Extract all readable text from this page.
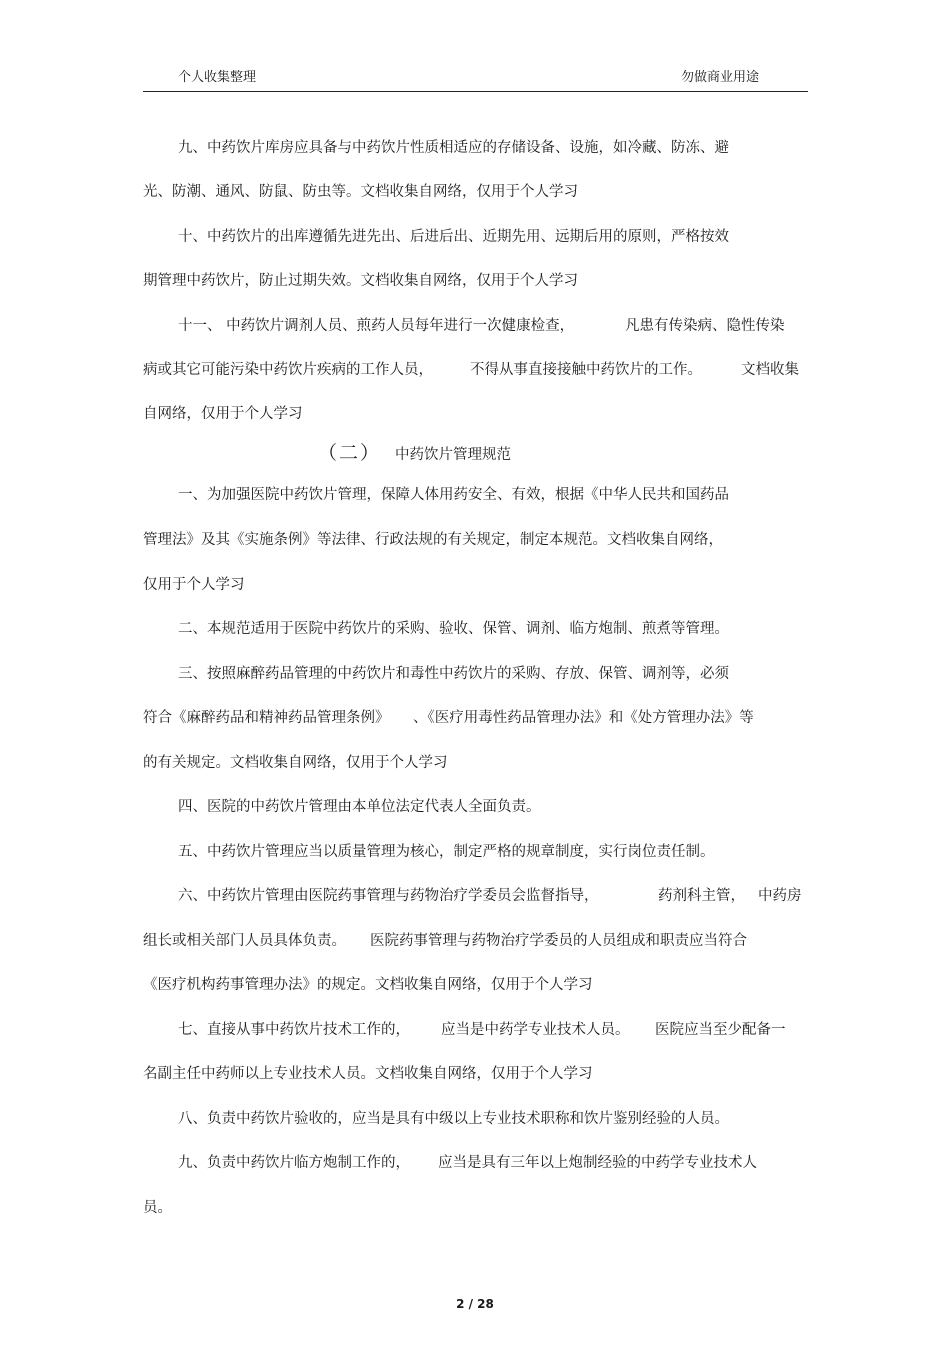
个人收集整理	勿做商业用途
九、中药饮片库房应具备与中药饮片性质相适应的存储设备、设施，如冷藏、防冻、避
光、防潮、通风、防鼠、防虫等。文档收集自网络，仅用于个人学习
十、中药饮片的出库遵循先进先出、后进后出、近期先用、远期后用的原则，严格按效
期管理中药饮片，防止过期失效。文档收集自网络，仅用于个人学习
十一、 中药饮片调剂人员、煎药人员每年进行一次健康检查，	凡患有传染病、隐性传染
病或其它可能污染中药饮片疾病的工作人员，	不得从事直接接触中药饮片的工作。	文档收集
自网络，仅用于个人学习
（二） 中药饮片管理规范
一、为加强医院中药饮片管理，保障人体用药安全、有效，根据《中华人民共和国药品
管理法》及其《实施条例》等法律、行政法规的有关规定，制定本规范。文档收集自网络，
仅用于个人学习
二、本规范适用于医院中药饮片的采购、验收、保管、调剂、临方炮制、煎煮等管理。
三、按照麻醉药品管理的中药饮片和毒性中药饮片的采购、存放、保管、调剂等，必须
符合《麻醉药品和精神药品管理条例》 、《医疗用毒性药品管理办法》和《处方管理办法》等
的有关规定。文档收集自网络，仅用于个人学习
四、医院的中药饮片管理由本单位法定代表人全面负责。
五、中药饮片管理应当以质量管理为核心，制定严格的规章制度，实行岗位责任制。
六、中药饮片管理由医院药事管理与药物治疗学委员会监督指导，	药剂科主管， 中药房
组长或相关部门人员具体负责。 医院药事管理与药物治疗学委员的人员组成和职责应当符合
《医疗机构药事管理办法》的规定。文档收集自网络，仅用于个人学习
七、直接从事中药饮片技术工作的， 应当是中药学专业技术人员。 医院应当至少配备一
名副主任中药师以上专业技术人员。文档收集自网络，仅用于个人学习
八、负责中药饮片验收的，应当是具有中级以上专业技术职称和饮片鉴别经验的人员。
九、负责中药饮片临方炮制工作的， 应当是具有三年以上炮制经验的中药学专业技术人
员。
2 / 28
